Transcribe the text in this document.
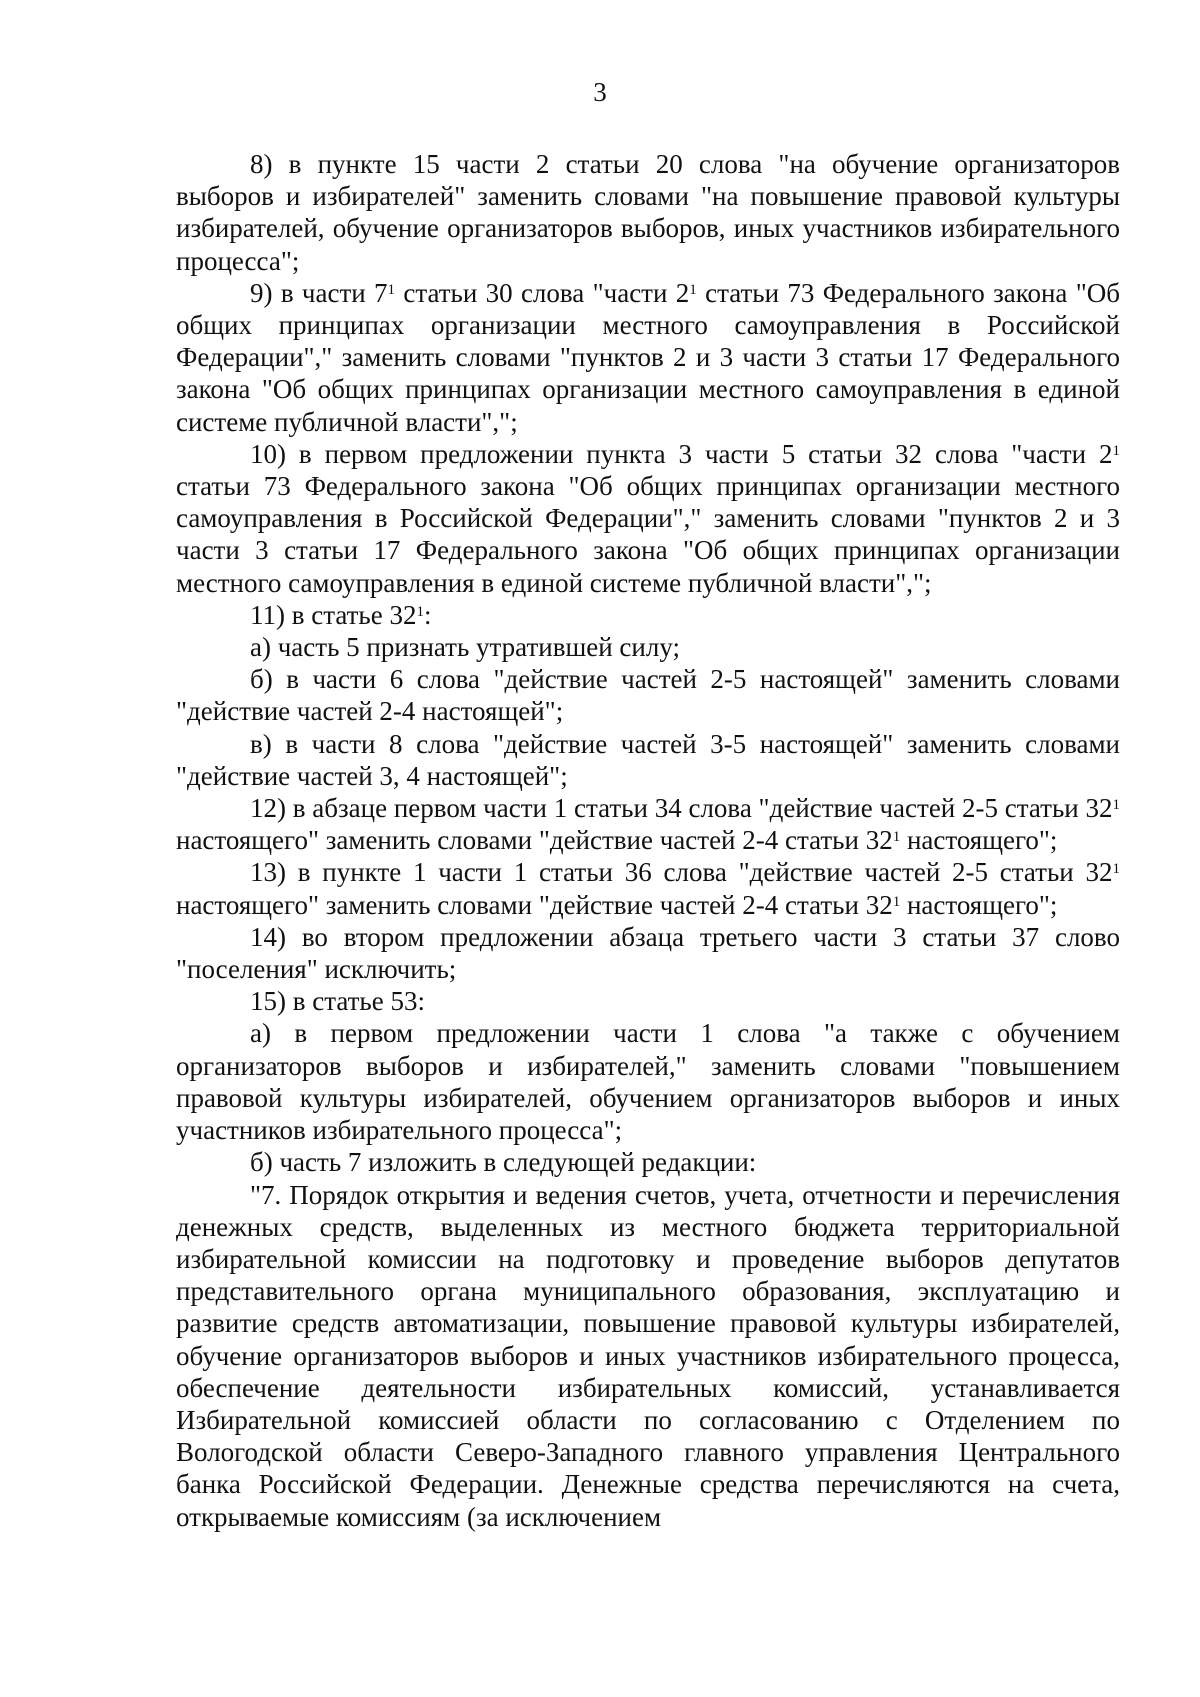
3

8) в пункте 15 части 2 статьи 20 слова "на обучение организаторов выборов и избирателей" заменить словами "на повышение правовой культуры избирателей, обучение организаторов выборов, иных участников избирательного процесса";

9) в части $7^1$ статьи 30 слова "части $2^1$ статьи 73 Федерального закона "Об общих принципах организации местного самоуправления в Российской Федерации"," заменить словами "пунктов 2 и 3 части 3 статьи 17 Федерального закона "Об общих принципах организации местного самоуправления в единой системе публичной власти",";

10) в первом предложении пункта 3 части 5 статьи 32 слова "части $2^1$ статьи 73 Федерального закона "Об общих принципах организации местного самоуправления в Российской Федерации"," заменить словами "пунктов 2 и 3 части 3 статьи 17 Федерального закона "Об общих принципах организации местного самоуправления в единой системе публичной власти",";

11) в статье $32^1$:

а) часть 5 признать утратившей силу;

б) в части 6 слова "действие частей 2-5 настоящей" заменить словами "действие частей 2-4 настоящей";

в) в части 8 слова "действие частей 3-5 настоящей" заменить словами "действие частей 3, 4 настоящей";

12) в абзаце первом части 1 статьи 34 слова "действие частей 2-5 статьи $32^1$ настоящего" заменить словами "действие частей 2-4 статьи $32^1$ настоящего";

13) в пункте 1 части 1 статьи 36 слова "действие частей 2-5 статьи $32^1$ настоящего" заменить словами "действие частей 2-4 статьи $32^1$ настоящего";

14) во втором предложении абзаца третьего части 3 статьи 37 слово "поселения" исключить;

15) в статье 53:

а) в первом предложении части 1 слова "а также с обучением организаторов выборов и избирателей," заменить словами "повышением правовой культуры избирателей, обучением организаторов выборов и иных участников избирательного процесса";

б) часть 7 изложить в следующей редакции:

"7. Порядок открытия и ведения счетов, учета, отчетности и перечисления денежных средств, выделенных из местного бюджета территориальной избирательной комиссии на подготовку и проведение выборов депутатов представительного органа муниципального образования, эксплуатацию и развитие средств автоматизации, повышение правовой культуры избирателей, обучение организаторов выборов и иных участников избирательного процесса, обеспечение деятельности избирательных комиссий, устанавливается Избирательной комиссией области по согласованию с Отделением по Вологодской области Северо-Западного главного управления Центрального банка Российской Федерации. Денежные средства перечисляются на счета, открываемые комиссиям (за исключением
